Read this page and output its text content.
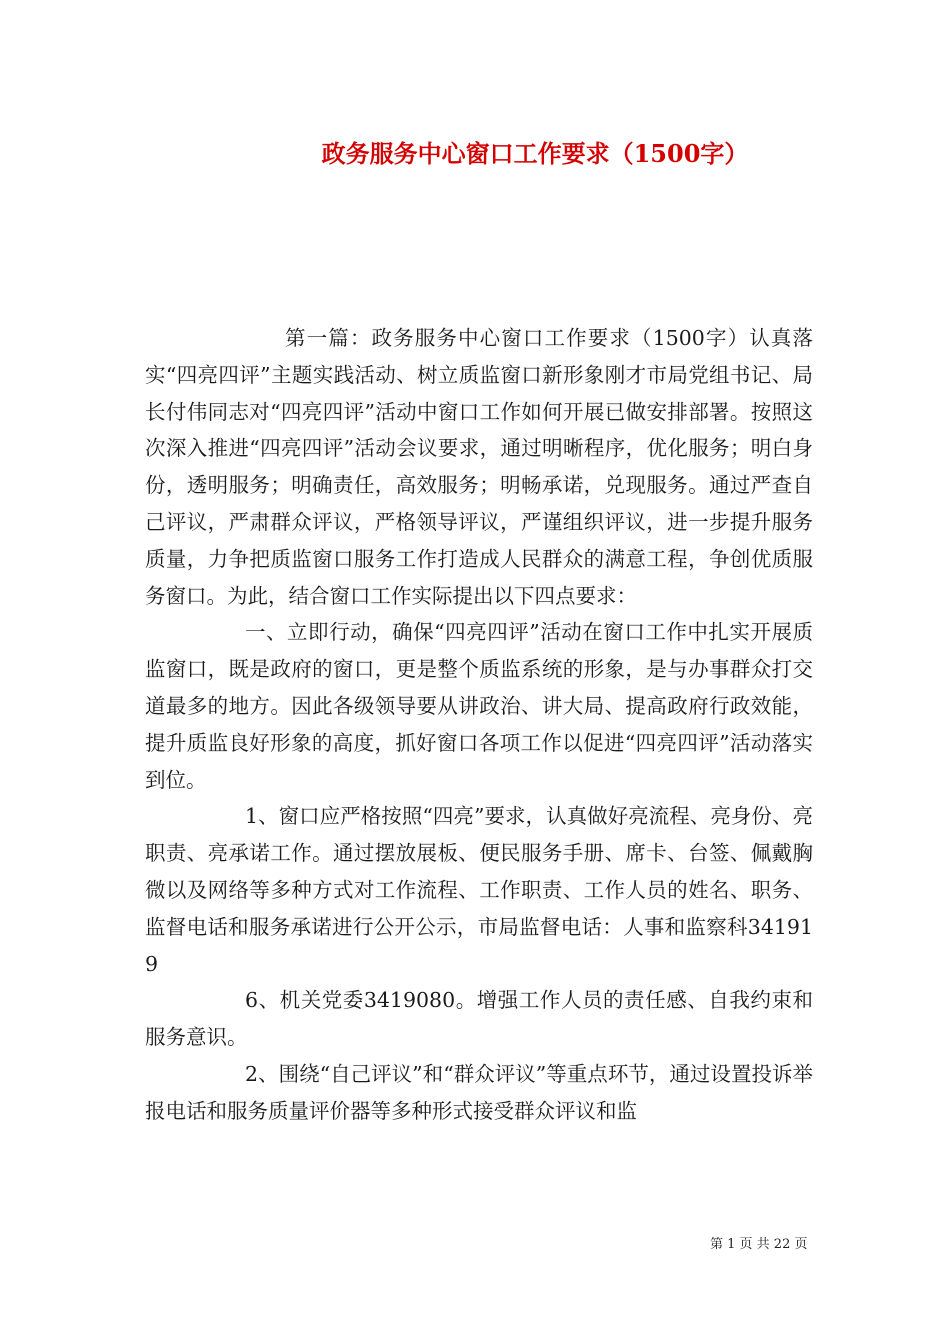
政务服务中心窗口工作要求（1500字）

第一篇：政务服务中心窗口工作要求（1500字）认真落实“四亮四评”主题实践活动、树立质监窗口新形象刚才市局党组书记、局长付伟同志对“四亮四评”活动中窗口工作如何开展已做安排部署。按照这次深入推进“四亮四评”活动会议要求，通过明晰程序，优化服务；明白身份，透明服务；明确责任，高效服务；明畅承诺，兑现服务。通过严查自己评议，严肃群众评议，严格领导评议，严谨组织评议，进一步提升服务质量，力争把质监窗口服务工作打造成人民群众的满意工程，争创优质服务窗口。为此，结合窗口工作实际提出以下四点要求：

一、立即行动，确保“四亮四评”活动在窗口工作中扎实开展质监窗口，既是政府的窗口，更是整个质监系统的形象，是与办事群众打交道最多的地方。因此各级领导要从讲政治、讲大局、提高政府行政效能，提升质监良好形象的高度，抓好窗口各项工作以促进“四亮四评”活动落实到位。

1、窗口应严格按照“四亮”要求，认真做好亮流程、亮身份、亮职责、亮承诺工作。通过摆放展板、便民服务手册、席卡、台签、佩戴胸微以及网络等多种方式对工作流程、工作职责、工作人员的姓名、职务、监督电话和服务承诺进行公开公示，市局监督电话：人事和监察科341919

6、机关党委3419080。增强工作人员的责任感、自我约束和服务意识。

2、围绕“自己评议”和“群众评议”等重点环节，通过设置投诉举报电话和服务质量评价器等多种形式接受群众评议和监

第 1 页 共 22 页
